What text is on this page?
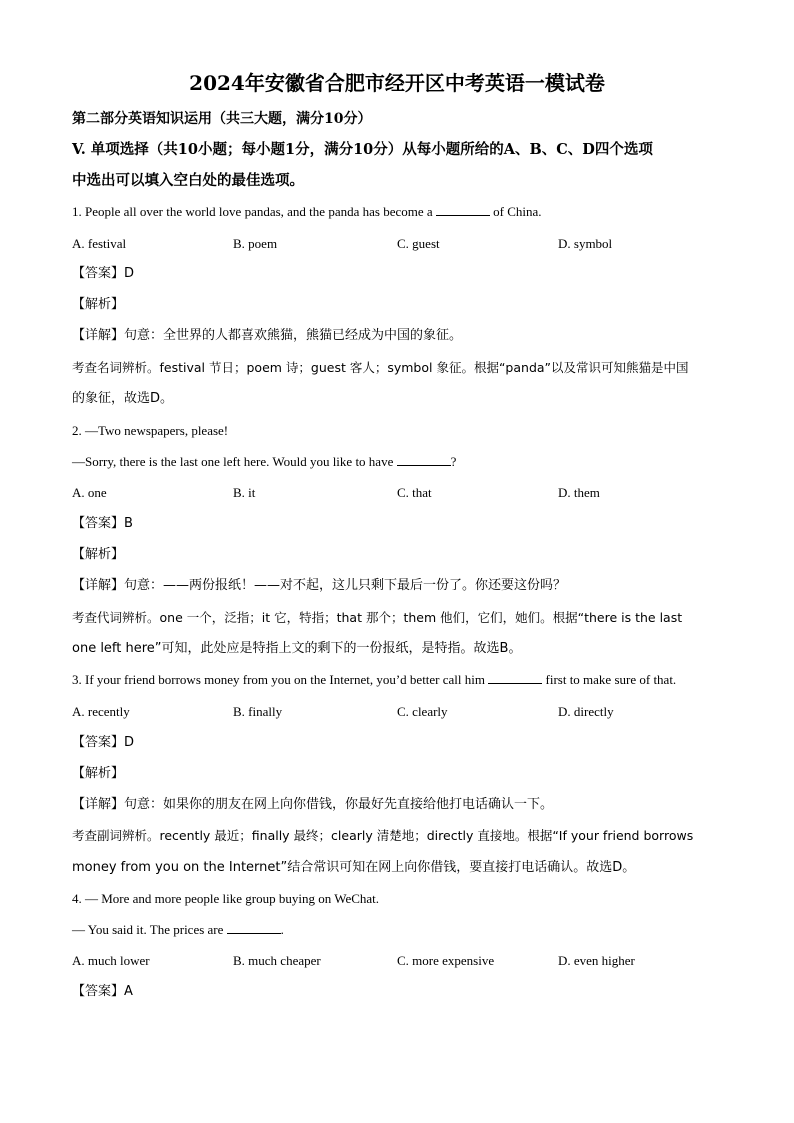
2024年安徽省合肥市经开区中考英语一模试卷
第二部分英语知识运用（共三大题，满分10分）
V. 单项选择（共10小题；每小题1分，满分10分）从每小题所给的A、B、C、D四个选项
中选出可以填入空白处的最佳选项。
1. People all over the world love pandas, and the panda has become a	of China.
A. festival	B. poem	C. guest	D. symbol
【答案】D
【解析】
【详解】句意：全世界的人都喜欢熊猫，熊猫已经成为中国的象征。
考查名词辨析。festival 节日；poem 诗；guest 客人；symbol 象征。根据“panda”以及常识可知熊猫是中国
的象征，故选D。
2. —Two newspapers, please!
—Sorry, there is the last one left here. Would you like to have	?
A. one	B. it	C. that	D. them
【答案】B
【解析】
【详解】句意：——两份报纸！——对不起，这儿只剩下最后一份了。你还要这份吗？
考查代词辨析。one 一个，泛指；it 它，特指；that 那个；them 他们，它们，她们。根据“there is the last
one left here”可知，此处应是特指上文的剩下的一份报纸，是特指。故选B。
3. If your friend borrows money from you on the Internet, you’d better call him	first to make sure of that.
A. recently	B. finally	C. clearly	D. directly
【答案】D
【解析】
【详解】句意：如果你的朋友在网上向你借钱，你最好先直接给他打电话确认一下。
考查副词辨析。recently 最近；finally 最终；clearly 清楚地；directly 直接地。根据“If your friend borrows
money from you on the Internet”结合常识可知在网上向你借钱，要直接打电话确认。故选D。
4. — More and more people like group buying on WeChat.
— You said it. The prices are	.
A. much lower	B. much cheaper	C. more expensive	D. even higher
【答案】A
